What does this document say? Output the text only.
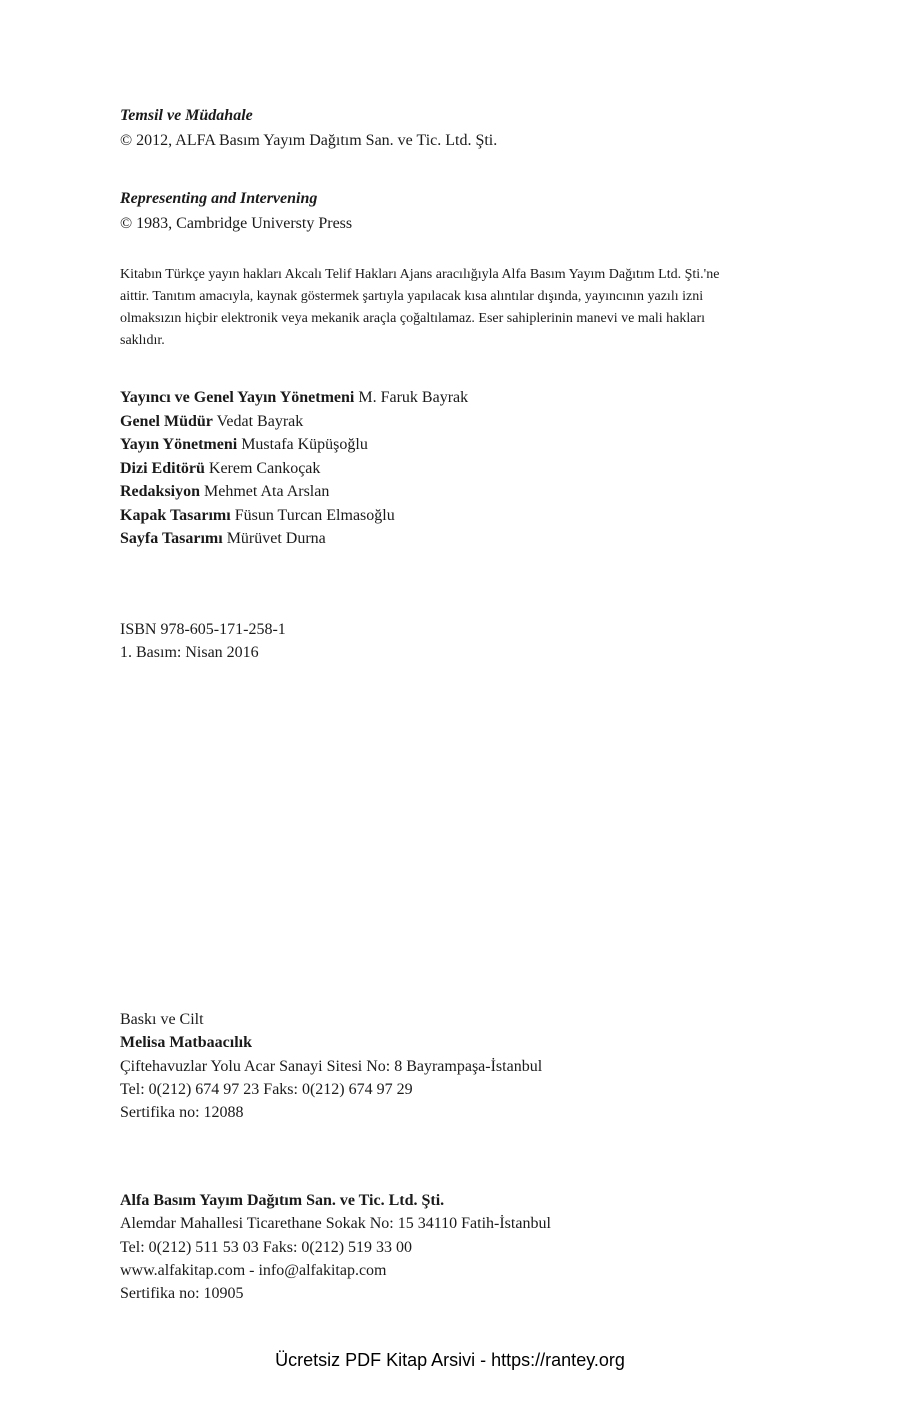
Temsil ve Müdahale
© 2012, ALFA Basım Yayım Dağıtım San. ve Tic. Ltd. Şti.
Representing and Intervening
© 1983, Cambridge Universty Press
Kitabın Türkçe yayın hakları Akcalı Telif Hakları Ajans aracılığıyla Alfa Basım Yayım Dağıtım Ltd. Şti.'ne aittir. Tanıtım amacıyla, kaynak göstermek şartıyla yapılacak kısa alıntılar dışında, yayıncının yazılı izni olmaksızın hiçbir elektronik veya mekanik araçla çoğaltılamaz. Eser sahiplerinin manevi ve mali hakları saklıdır.
Yayıncı ve Genel Yayın Yönetmeni M. Faruk Bayrak
Genel Müdür Vedat Bayrak
Yayın Yönetmeni Mustafa Küpüşoğlu
Dizi Editörü Kerem Cankoçak
Redaksiyon Mehmet Ata Arslan
Kapak Tasarımı Füsun Turcan Elmasoğlu
Sayfa Tasarımı Mürüvet Durna
ISBN 978-605-171-258-1
1. Basım: Nisan 2016
Baskı ve Cilt
Melisa Matbaacılık
Çiftehavuzlar Yolu Acar Sanayi Sitesi No: 8 Bayrampaşa-İstanbul
Tel: 0(212) 674 97 23 Faks: 0(212) 674 97 29
Sertifika no: 12088
Alfa Basım Yayım Dağıtım San. ve Tic. Ltd. Şti.
Alemdar Mahallesi Ticarethane Sokak No: 15 34110 Fatih-İstanbul
Tel: 0(212) 511 53 03 Faks: 0(212) 519 33 00
www.alfakitap.com - info@alfakitap.com
Sertifika no: 10905
Ücretsiz PDF Kitap Arsivi - https://rantey.org
